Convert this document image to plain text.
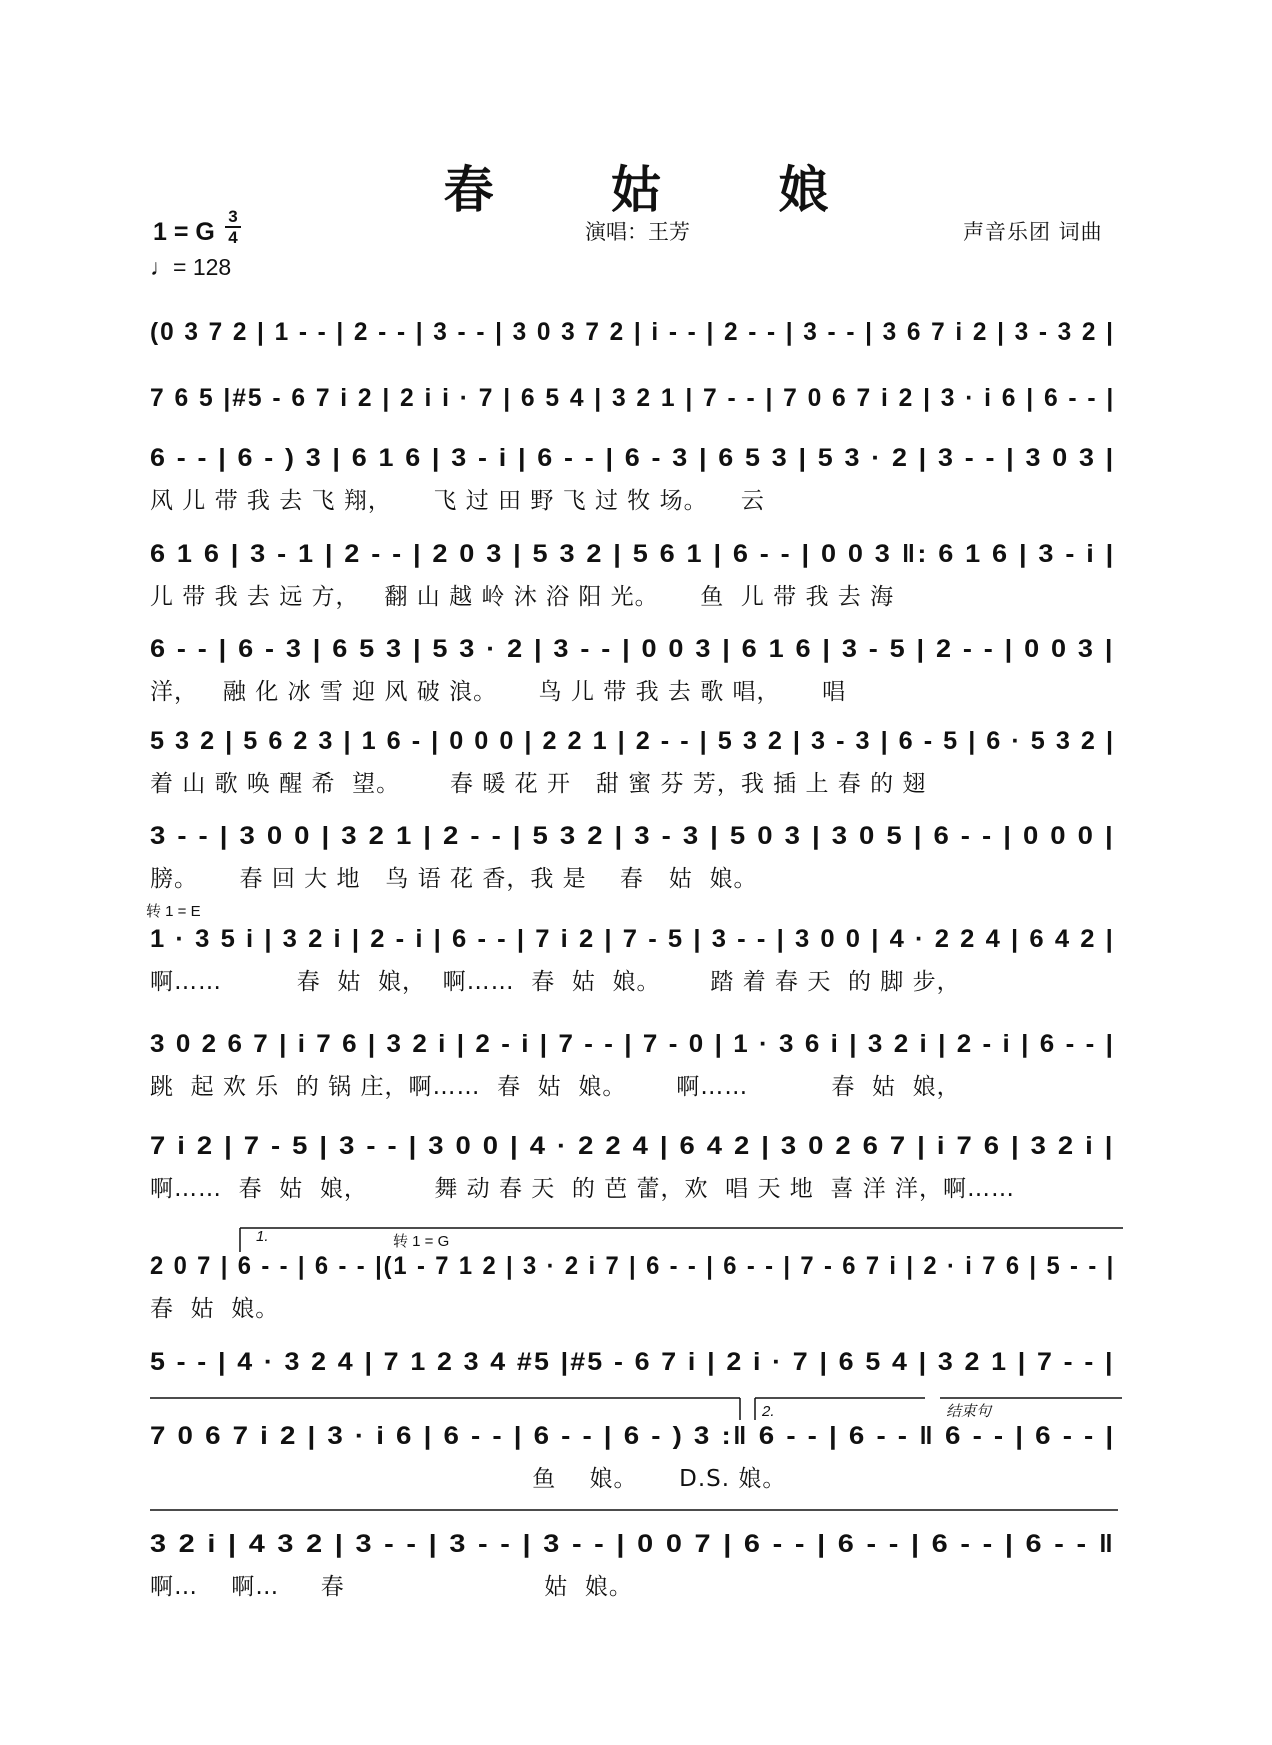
春 姑 娘
1 = G
3
4
♩= 128
演唱：王芳	声音乐团 词曲
(0 3 7 2 | 1 - - | 2 - - | 3 - - | 3 0 3 7 2 | i - - | 2 - - | 3 - - | 3 6 7 i 2 | 3 - 3 2 |
7 6 5 |#5 - 6 7 i 2 | 2 i i · 7 | 6 5 4 | 3 2 1 | 7 - - | 7 0 6 7 i 2 | 3 · i 6 | 6 - - |
6 - - | 6 - ) 3 | 6 1 6 | 3 - i | 6 - - | 6 - 3 | 6 5 3 | 5 3 · 2 | 3 - - | 3 0 3 |
风 儿 带 我 去 飞 翔，     飞 过 田 野 飞 过 牧 场。    云
6 1 6 | 3 - 1 | 2 - - | 2 0 3 | 5 3 2 | 5 6 1 | 6 - - | 0 0 3 ‖: 6 1 6 | 3 - i |
儿 带 我 去 远 方，   翻 山 越 岭 沐 浴 阳 光。     鱼  儿 带 我 去 海
6 - - | 6 - 3 | 6 5 3 | 5 3 · 2 | 3 - - | 0 0 3 | 6 1 6 | 3 - 5 | 2 - - | 0 0 3 |
洋，   融 化 冰 雪 迎 风 破 浪。     鸟 儿 带 我 去 歌 唱，     唱
5 3 2 | 5 6 2 3 | 1 6 - | 0 0 0 | 2 2 1 | 2 - - | 5 3 2 | 3 - 3 | 6 - 5 | 6 · 5 3 2 |
着 山 歌 唤 醒 希  望。      春 暖 花 开   甜 蜜 芬 芳，我 插 上 春 的 翅
3 - - | 3 0 0 | 3 2 1 | 2 - - | 5 3 2 | 3 - 3 | 5 0 3 | 3 0 5 | 6 - - | 0 0 0 |
膀。     春 回 大 地   鸟 语 花 香，我 是    春   姑  娘。
1 · 3 5 i | 3 2 i | 2 - i | 6 - - | 7 i 2 | 7 - 5 | 3 - - | 3 0 0 | 4 · 2 2 4 | 6 4 2 |
啊……         春  姑  娘，  啊……  春  姑  娘。      踏 着 春 天  的 脚 步，
3 0 2 6 7 | i 7 6 | 3 2 i | 2 - i | 7 - - | 7 - 0 | 1 · 3 6 i | 3 2 i | 2 - i | 6 - - |
跳  起 欢 乐  的 锅 庄，啊……  春  姑  娘。      啊……          春  姑  娘，
7 i 2 | 7 - 5 | 3 - - | 3 0 0 | 4 · 2 2 4 | 6 4 2 | 3 0 2 6 7 | i 7 6 | 3 2 i |
啊……  春  姑  娘，        舞 动 春 天  的 芭 蕾，欢  唱 天 地  喜 洋 洋，啊……
2 0 7 | 6 - - | 6 - - |(1 - 7 1 2 | 3 · 2 i 7 | 6 - - | 6 - - | 7 - 6 7 i | 2 · i 7 6 | 5 - - |
春  姑  娘。
5 - - | 4 · 3 2 4 | 7 1 2 3 4 #5 |#5 - 6 7 i | 2 i · 7 | 6 5 4 | 3 2 1 | 7 - - |
7 0 6 7 i 2 | 3 · i 6 | 6 - - | 6 - - | 6 - ) 3 :‖ 6 - - | 6 - - ‖ 6 - - | 6 - - |
鱼    娘。     D.S. 娘。
3 2 i | 4 3 2 | 3 - - | 3 - - | 3 - - | 0 0 7 | 6 - - | 6 - - | 6 - - | 6 - - ‖
啊…    啊…     春                        姑  娘。
转 1 = E
转 1 = G
1.
2.	结束句
